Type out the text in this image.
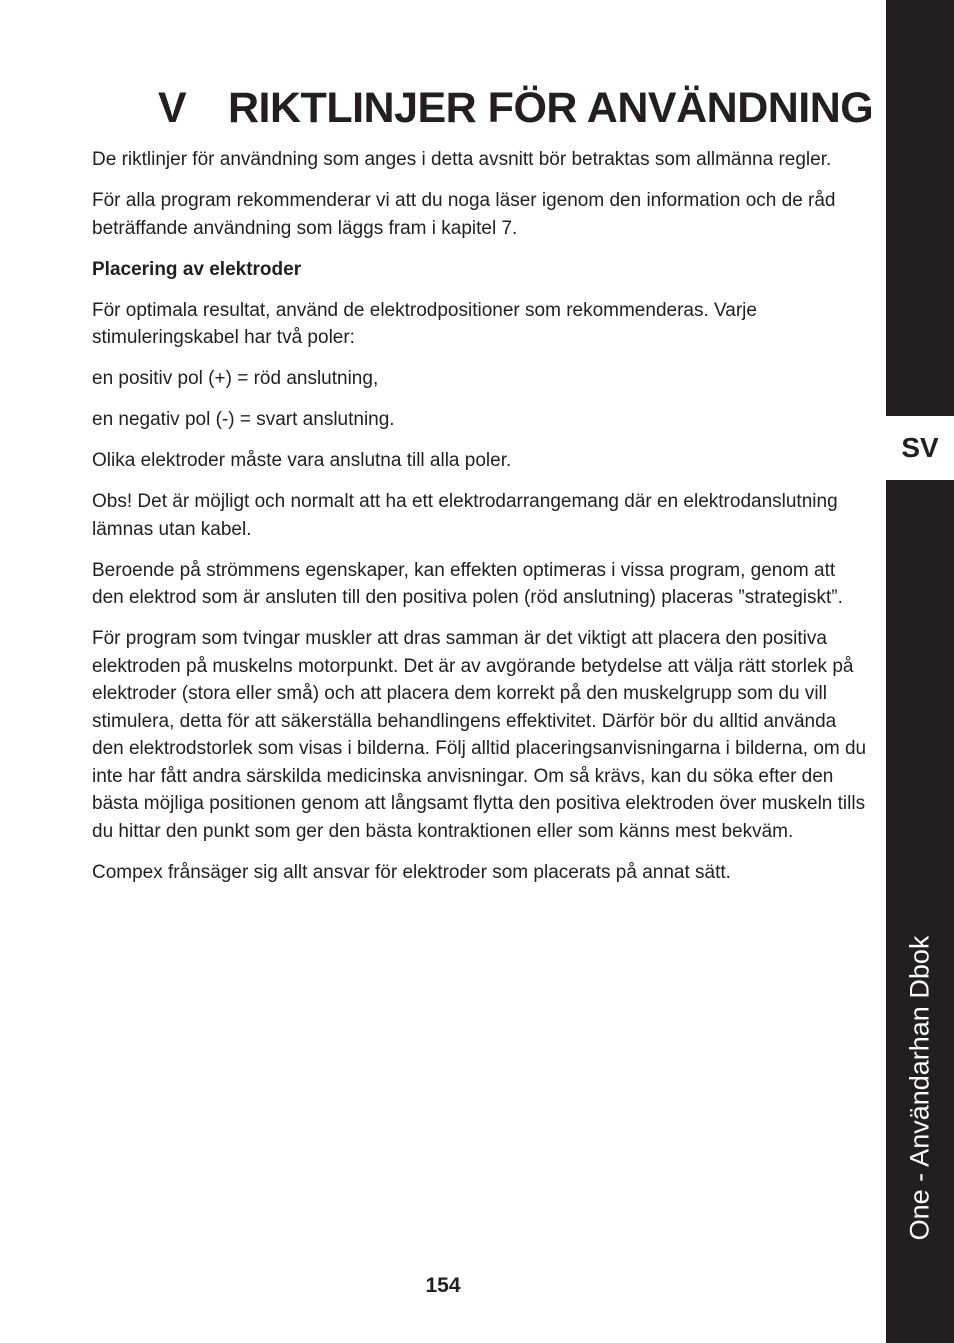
V RIKTLINJER FÖR ANVÄNDNING

De riktlinjer för användning som anges i detta avsnitt bör betraktas som allmänna regler.

För alla program rekommenderar vi att du noga läser igenom den information och de råd beträffande användning som läggs fram i kapitel 7.

Placering av elektroder

För optimala resultat, använd de elektrodpositioner som rekommenderas. Varje stimuleringskabel har två poler:

en positiv pol (+) = röd anslutning,

en negativ pol (-) = svart anslutning.

Olika elektroder måste vara anslutna till alla poler.

Obs! Det är möjligt och normalt att ha ett elektrodarrangemang där en elektrodanslutning lämnas utan kabel.

Beroende på strömmens egenskaper, kan effekten optimeras i vissa program, genom att den elektrod som är ansluten till den positiva polen (röd anslutning) placeras ”strategiskt”.

För program som tvingar muskler att dras samman är det viktigt att placera den positiva elektroden på muskelns motorpunkt. Det är av avgörande betydelse att välja rätt storlek på elektroder (stora eller små) och att placera dem korrekt på den muskelgrupp som du vill stimulera, detta för att säkerställa behandlingens effektivitet. Därför bör du alltid använda den elektrodstorlek som visas i bilderna. Följ alltid placeringsanvisningarna i bilderna, om du inte har fått andra särskilda medicinska anvisningar. Om så krävs, kan du söka efter den bästa möjliga positionen genom att långsamt flytta den positiva elektroden över muskeln tills du hittar den punkt som ger den bästa kontraktionen eller som känns mest bekväm.

Compex frånsäger sig allt ansvar för elektroder som placerats på annat sätt.

SV
One - Användarhan Dbok
154
